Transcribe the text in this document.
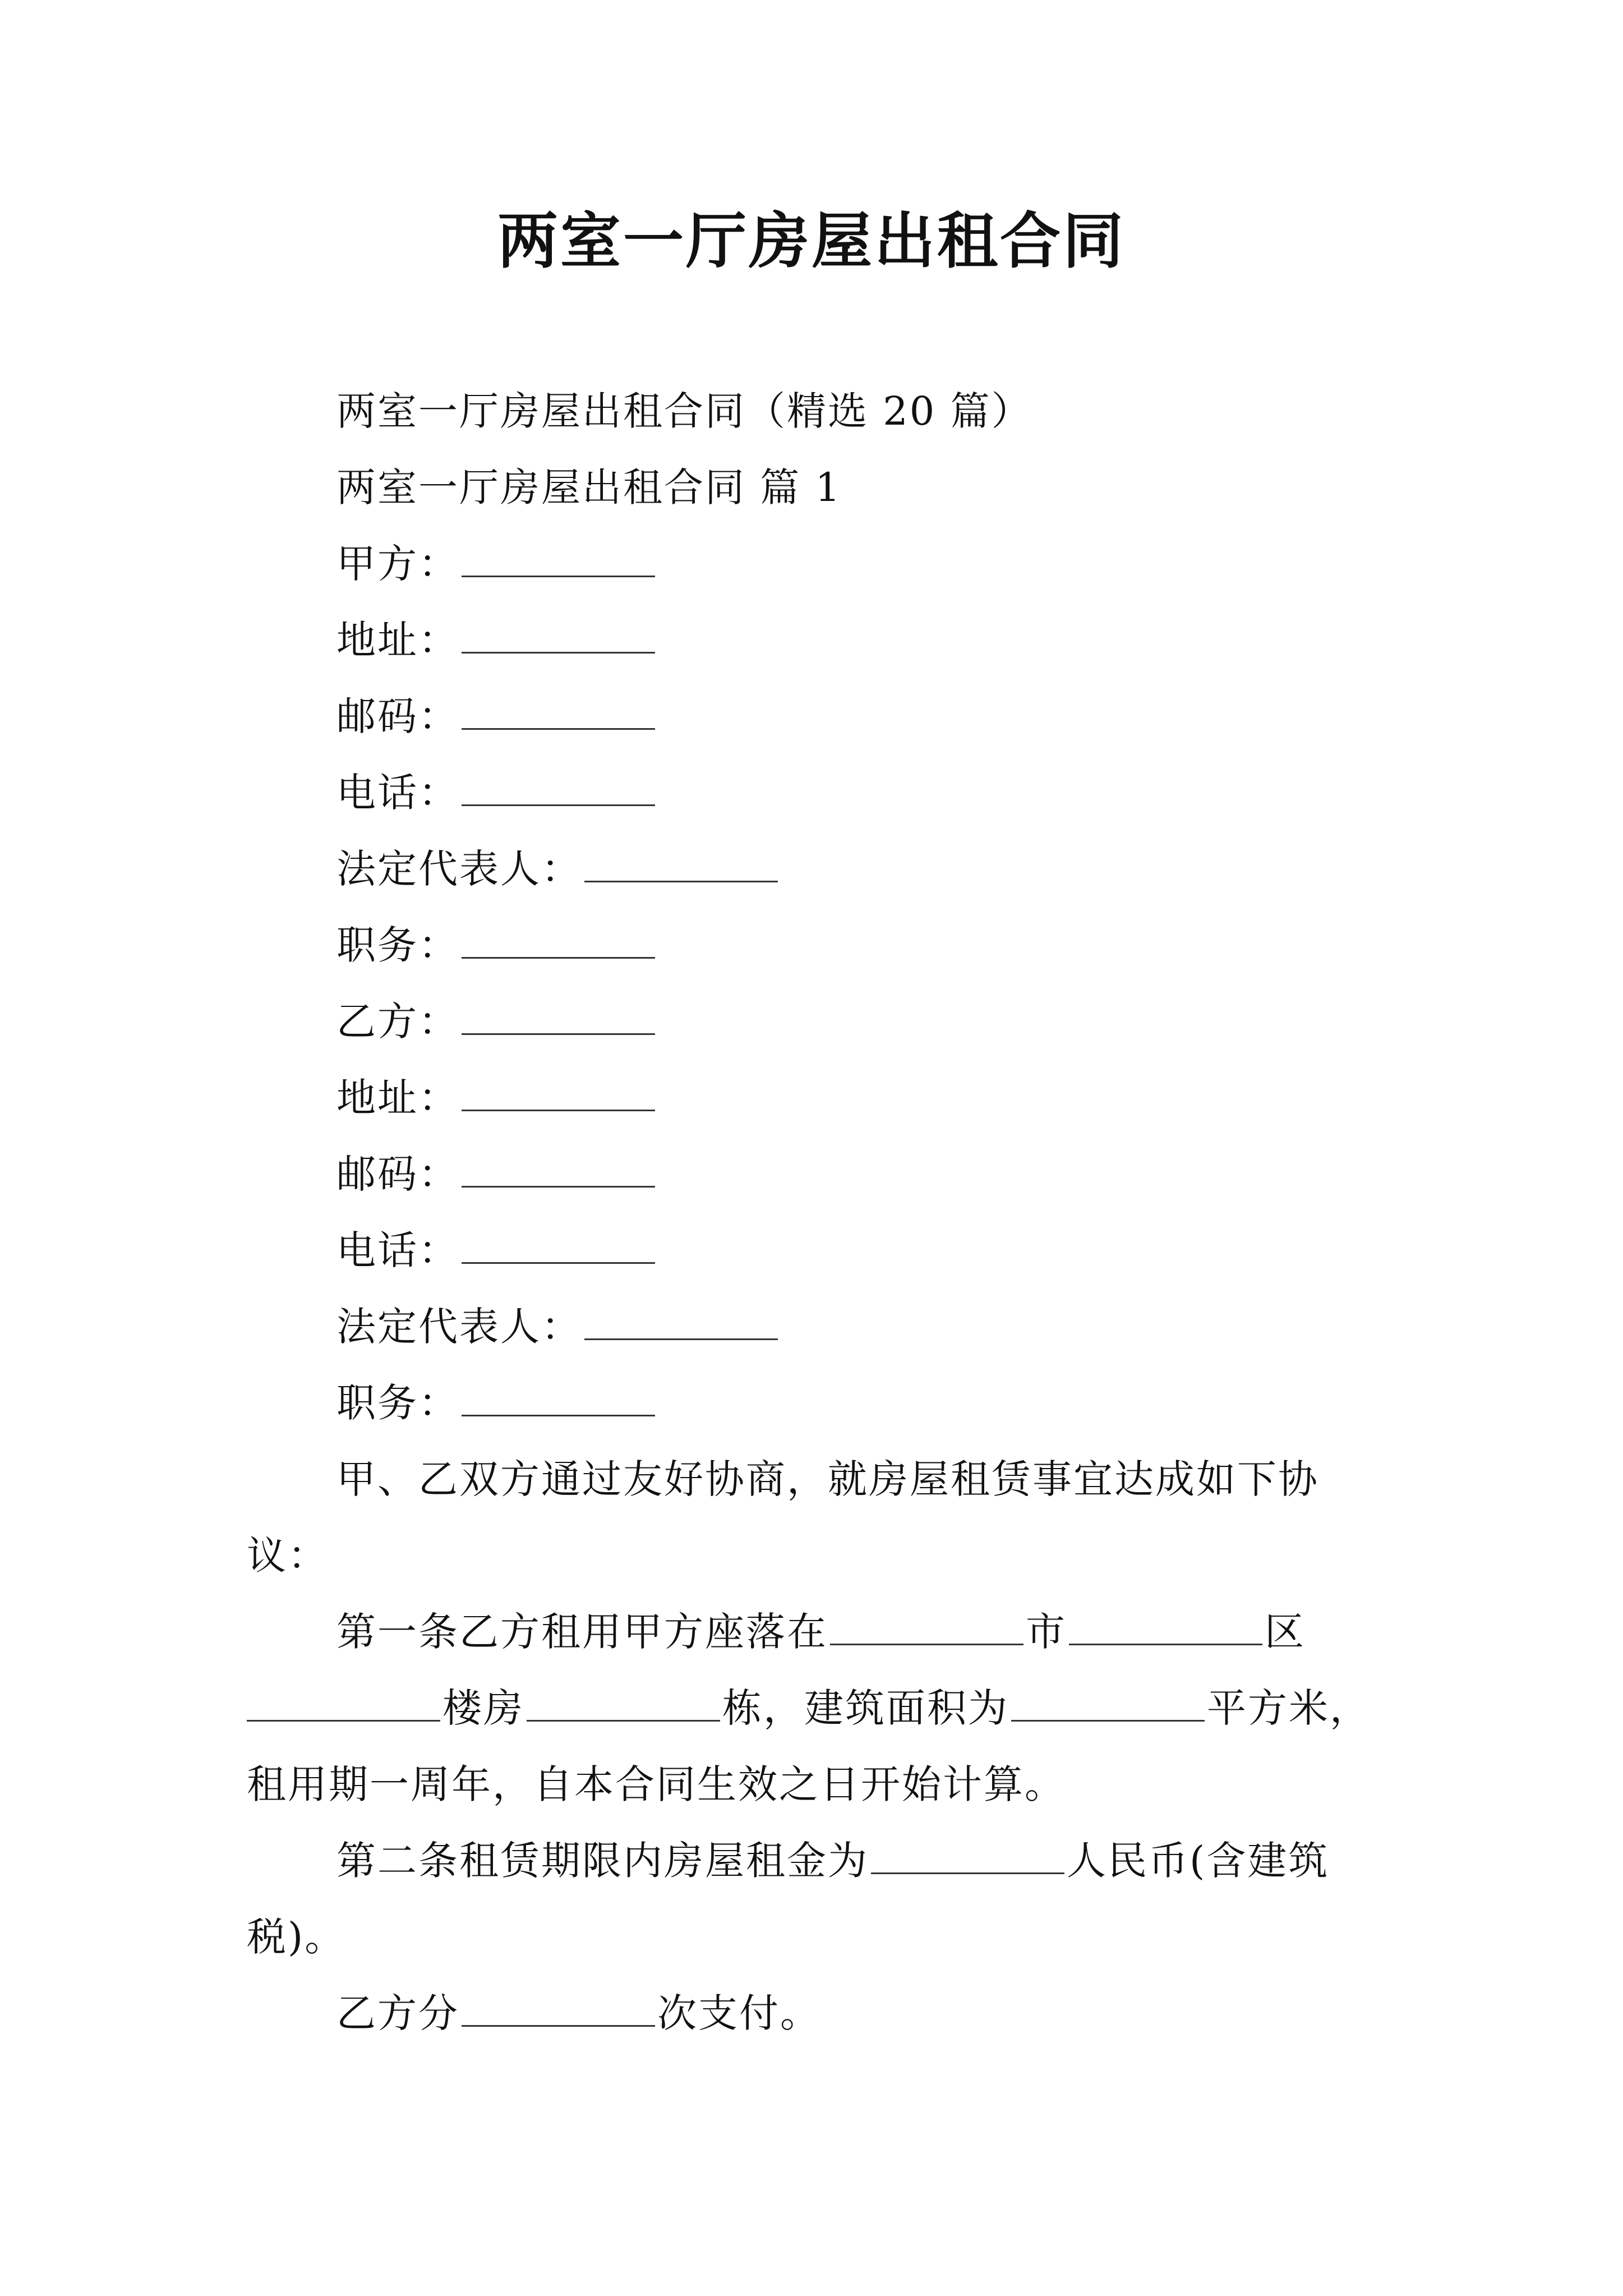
两室一厅房屋出租合同
两室一厅房屋出租合同（精选 20 篇）
两室一厅房屋出租合同 篇 1
甲方：
地址：
邮码：
电话：
法定代表人：
职务：
乙方：
地址：
邮码：
电话：
法定代表人：
职务：
甲、乙双方通过友好协商，就房屋租赁事宜达成如下协
议：
第一条乙方租用甲方座落在	市	区
楼房	栋，建筑面积为	平方米，
租用期一周年，自本合同生效之日开始计算。
第二条租赁期限内房屋租金为	人民币(含建筑
税)。
乙方分	次支付。
